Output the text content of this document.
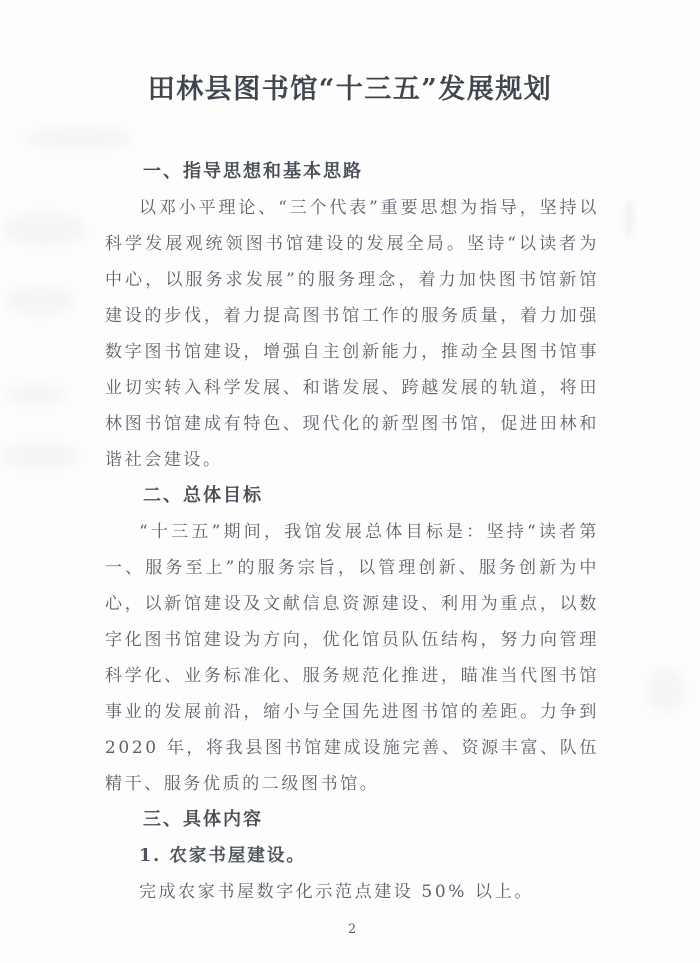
田林县图书馆“十三五”发展规划
一、指导思想和基本思路

以邓小平理论、“三个代表”重要思想为指导，坚持以科学发展观统领图书馆建设的发展全局。坚诗“以读者为中心，以服务求发展”的服务理念，着力加快图书馆新馆建设的步伐，着力提高图书馆工作的服务质量，着力加强数字图书馆建设，增强自主创新能力，推动全县图书馆事业切实转入科学发展、和谐发展、跨越发展的轨道，将田林图书馆建成有特色、现代化的新型图书馆，促进田林和谐社会建设。

二、总体目标

“十三五”期间，我馆发展总体目标是：坚持“读者第一、服务至上”的服务宗旨，以管理创新、服务创新为中心，以新馆建设及文献信息资源建设、利用为重点，以数字化图书馆建设为方向，优化馆员队伍结构，努力向管理科学化、业务标准化、服务规范化推进，瞄准当代图书馆事业的发展前沿，缩小与全国先进图书馆的差距。力争到 2020 年，将我县图书馆建成设施完善、资源丰富、队伍精干、服务优质的二级图书馆。

三、具体内容

1. 农家书屋建设。

完成农家书屋数字化示范点建设 50% 以上。

2
